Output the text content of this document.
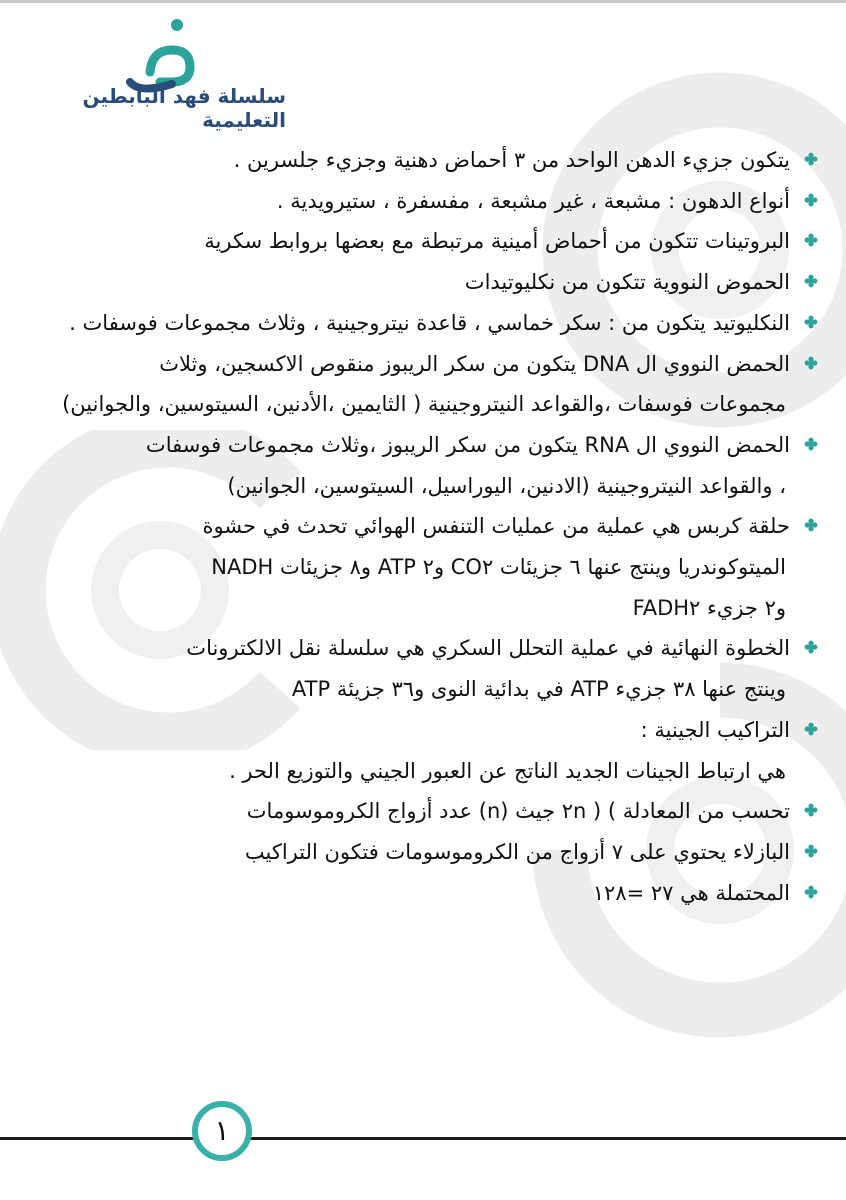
سلسلة فهد البابطين التعليمية
يتكون جزيء الدهن الواحد من ٣ أحماض دهنية وجزيء جلسرين .
أنواع الدهون : مشبعة ، غير مشبعة ، مفسفرة ، ستيرويدية .
البروتينات تتكون من أحماض أمينية مرتبطة مع بعضها بروابط سكرية
الحموض النووية تتكون من نكليوتيدات
النكليوتيد يتكون من : سكر خماسي ، قاعدة نيتروجينية ، وثلاث مجموعات فوسفات .
الحمض النووي ال DNA يتكون من سكر الريبوز منقوص الاكسجين، وثلاث
مجموعات فوسفات ،والقواعد النيتروجينية ( الثايمين ،الأدنين، السيتوسين، والجوانين)
الحمض النووي ال RNA يتكون من سكر الريبوز ،وثلاث مجموعات فوسفات
، والقواعد النيتروجينية (الادنين، اليوراسيل، السيتوسين، الجوانين)
حلقة كربس هي عملية من عمليات التنفس الهوائي تحدث في حشوة
الميتوكوندريا وينتج عنها ٦ جزيئات CO٢ و٢ ATP و٨ جزيئات NADH
و٢ جزيء FADH٢
الخطوة النهائية في عملية التحلل السكري هي سلسلة نقل الالكترونات
وينتج عنها ٣٨ جزيء ATP في بدائية النوى و٣٦ جزيئة ATP
التراكيب الجينية :
هي ارتباط الجينات الجديد الناتج عن العبور الجيني والتوزيع الحر .
تحسب من المعادلة ) ( ٢n جيث (n) عدد أزواج الكروموسومات
البازلاء يحتوي على ٧ أزواج من الكروموسومات فتكون التراكيب
المحتملة هي ٢٧ =١٢٨
١
